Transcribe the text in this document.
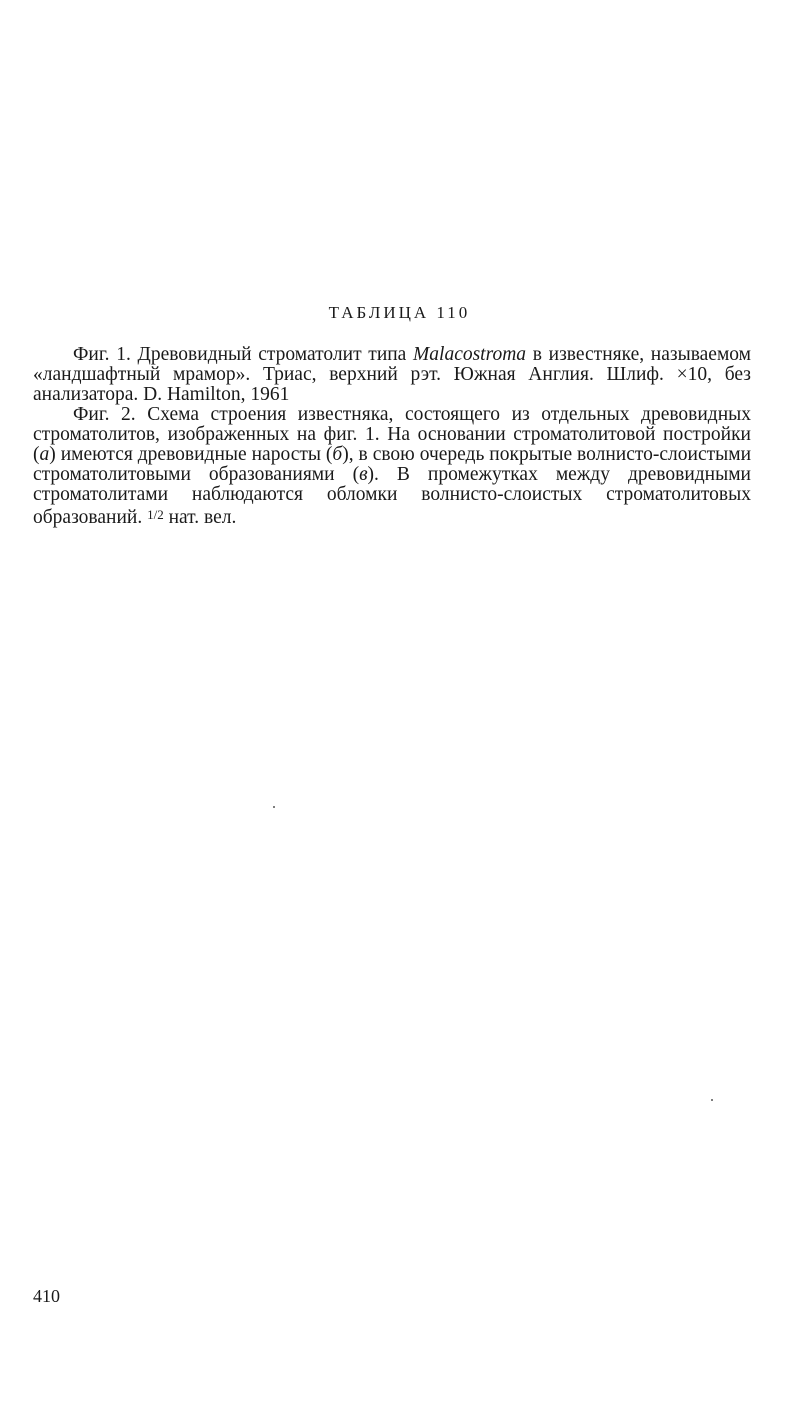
ТАБЛИЦА 110

Фиг. 1. Древовидный строматолит типа Malacostroma в известняке, называемом «ландшафтный мрамор». Триас, верхний рэт. Южная Англия. Шлиф. ×10, без анализатора. D. Hamilton, 1961

Фиг. 2. Схема строения известняка, состоящего из отдельных древовидных строматолитов, изображенных на фиг. 1. На основании строматолитовой постройки (а) имеются древовидные наросты (б), в свою очередь покрытые волнисто-слоистыми строматолитовыми образованиями (в). В промежутках между древовидными строматолитами наблюдаются обломки волнисто-слоистых строматолитовых образований. 1/2 нат. вел.

410
